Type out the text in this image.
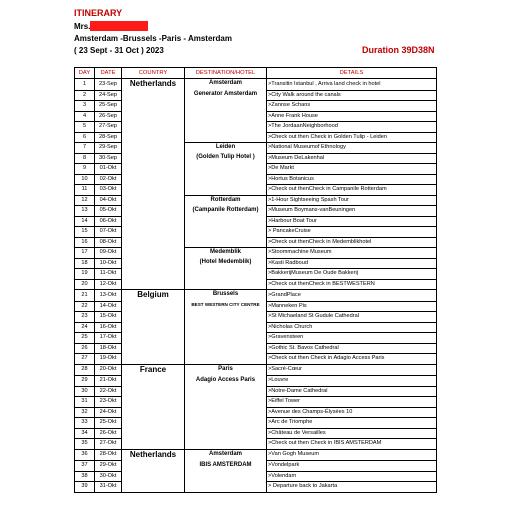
ITINERARY
Mrs.
Amsterdam -Brussels -Paris - Amsterdam
( 23 Sept - 31 Oct ) 2023	Duration 39D38N
DAY	DATE	COUNTRY	DESTINATION/HOTEL	DETAILS
1	23-Sep	Netherlands	Amsterdam	>Transitin Istanbul , Arriva land check in hotel
2	24-Sep		Generator Amsterdam	>City Walk around the canals
3	25-Sep			>Zannse Schans
4	26-Sep			>Anne Frank House
5	27-Sep			>The JordaanNeighborhood
6	28-Sep			>Check out then Check in Golden Tulip - Leiden
7	29-Sep		Leiden	>National Museumof Ethnology
8	30-Sep		(Golden Tulip Hotel )	>Museum DeLakenhal
9	01-Okt			>De Markt
10	02-Okt			>Hortus Botanicus
11	03-Okt			>Check out thenCheck in Campanile Rotterdam
12	04-Okt		Rotterdam	>1-Hour Sightseeing Spash Tour
13	05-Okt		(Campanile Rotterdam)	>Museum Boymans-vanBeuningen
14	06-Okt			>Harbour Boat Tour
15	07-Okt			> PancakeCruise
16	08-Okt			>Check out thenCheck in Medemblikhotel
17	09-Okt		Medemblik	>Stoommachine Museum
18	10-Okt		(Hotel Medemblik)	>Kasti Radboud
19	11-Okt			>BakkerijMuseum De Oude Bakkerij
20	12-Okt			>Check out thenCheck in BESTWESTERN
21	13-Okt	Belgium	Brussels	>GrandPlace
22	14-Okt		BEST WESTERN CITY CENTRE	>Manneken Pis
23	15-Okt			>St Michaeland St Gudule Cathedral
24	16-Okt			>Nicholas Church
25	17-Okt			>Gravensteen
26	18-Okt			>Gothic St. Bavos Cathedral
27	19-Okt			>Check out then Check in Adagio Access Paris
28	20-Okt	France	Paris	>Sacré-Cœur
29	21-Okt		Adagio Access Paris	>Louvre
30	22-Okt			>Notre-Dame Cathedral
31	23-Okt			>Eiffel Tower
32	24-Okt			>Avenue des Champs-Élysées 10
33	25-Okt			>Arc de Triomphe
34	26-Okt			>Château de Versailles
35	27-Okt			>Check out then Check in IBIS AMSTERDAM
36	28-Okt	Netherlands	Amsterdam	>Van Gogh Museum
37	29-Okt		IBIS AMSTERDAM	>Vondelpark
38	30-Okt			>Volendam
39	31-Okt			> Departure back to Jakarta
